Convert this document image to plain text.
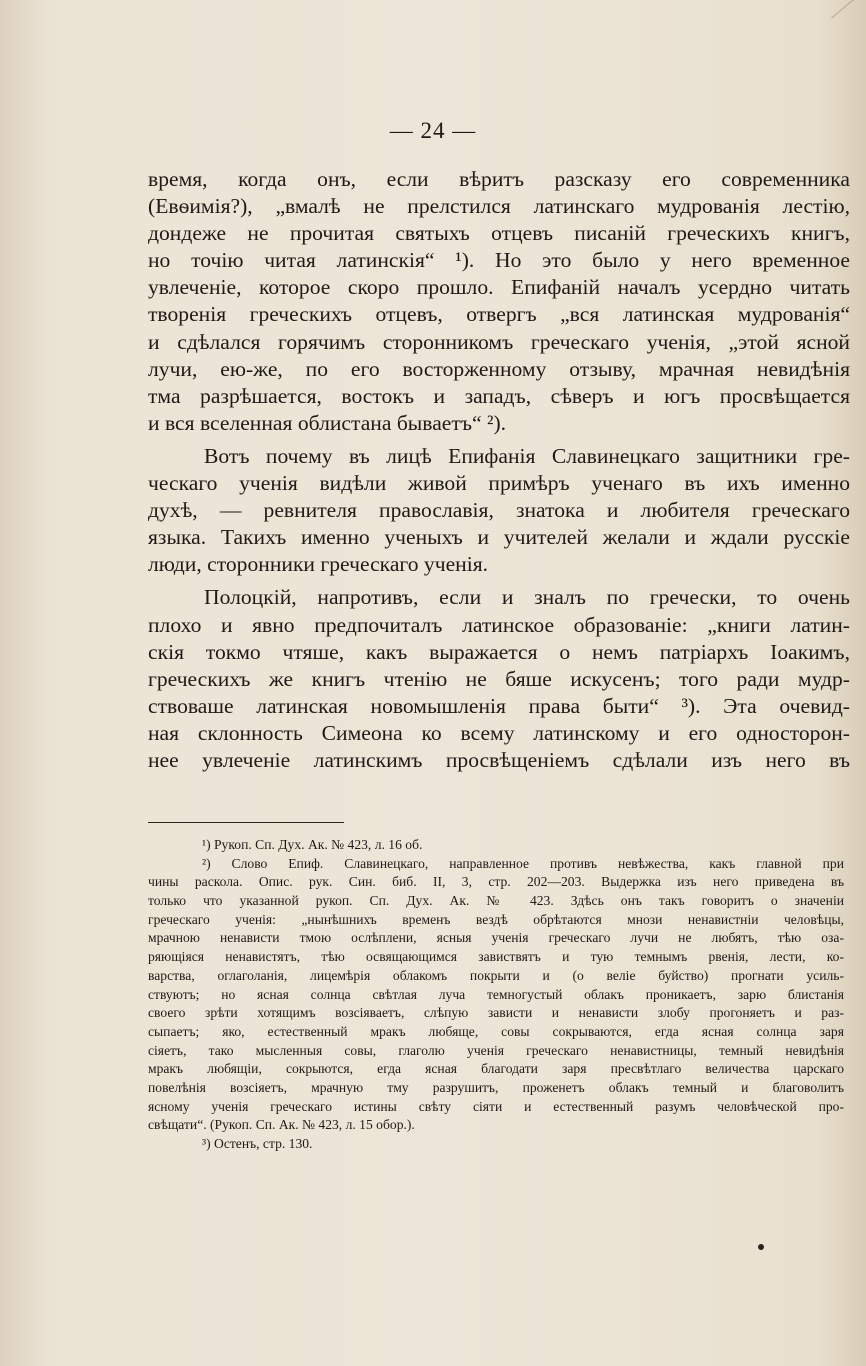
— 24 —
время, когда онъ, если вѣритъ разсказу его современника
(Евѳимія?), „вмалѣ не прелстился латинскаго мудрованія лестію,
дондеже не прочитая святыхъ отцевъ писаній греческихъ книгъ,
но точію читая латинскія“ ¹). Но это было у него временное
увлеченіе, которое скоро прошло. Епифаній началъ усердно читать
творенія греческихъ отцевъ, отвергъ „вся латинская мудрованія“
и сдѣлался горячимъ сторонникомъ греческаго ученія, „этой ясной
лучи, ею-же, по его восторженному отзыву, мрачная невидѣнія
тма разрѣшается, востокъ и западъ, сѣверъ и югъ просвѣщается
и вся вселенная облистана бываетъ“ ²).
Вотъ почему въ лицѣ Епифанія Славинецкаго защитники гре-
ческаго ученія видѣли живой примѣръ ученаго въ ихъ именно
духѣ, — ревнителя православія, знатока и любителя греческаго
языка. Такихъ именно ученыхъ и учителей желали и ждали русскіе
люди, сторонники греческаго ученія.
Полоцкій, напротивъ, если и зналъ по гречески, то очень
плохо и явно предпочиталъ латинское образованіе: „книги латин-
скія токмо чтяше, какъ выражается о немъ патріархъ Іоакимъ,
греческихъ же книгъ чтенію не бяше искусенъ; того ради мудр-
ствоваше латинская новомышленія права быти“ ³). Эта очевид-
ная склонность Симеона ко всему латинскому и его односторон-
нее увлеченіе латинскимъ просвѣщеніемъ сдѣлали изъ него въ
¹) Рукоп. Сп. Дух. Ак. № 423, л. 16 об.
²) Слово Епиф. Славинецкаго, направленное противъ невѣжества, какъ главной при
чины раскола. Опис. рук. Син. биб. II, 3, стр. 202—203. Выдержка изъ него приведена въ
только что указанной рукоп. Сп. Дух. Ак. № 423. Здѣсь онъ такъ говоритъ о значеніи
греческаго ученія: „нынѣшнихъ временъ вездѣ обрѣтаются мнози ненавистніи человѣцы,
мрачною ненависти тмою ослѣплени, ясныя ученія греческаго лучи не любятъ, тѣю оза-
ряющіяся ненавистятъ, тѣю освящающимся завиствятъ и тую темнымъ рвенія, лести, ко-
варства, оглаголанія, лицемѣрія облакомъ покрыти и (о веліе буйство) прогнати усиль-
ствуютъ; но ясная солнца свѣтлая луча темногустый облакъ проникаетъ, зарю блистанія
своего зрѣти хотящимъ возсіяваетъ, слѣпую зависти и ненависти злобу прогоняетъ и раз-
сыпаетъ; яко, естественный мракъ любяще, совы сокрываются, егда ясная солнца заря
сіяетъ, тако мысленныя совы, глаголю ученія греческаго ненавистницы, темный невидѣнія
мракъ любящіи, сокрыются, егда ясная благодати заря пресвѣтлаго величества царскаго
повелѣнія возсіяетъ, мрачную тму разрушитъ, проженетъ облакъ темный и благоволитъ
ясному ученія греческаго истины свѣту сіяти и естественный разумъ человѣческой про-
свѣщати“. (Рукоп. Сп. Ак. № 423, л. 15 обор.).
³) Остенъ, стр. 130.
